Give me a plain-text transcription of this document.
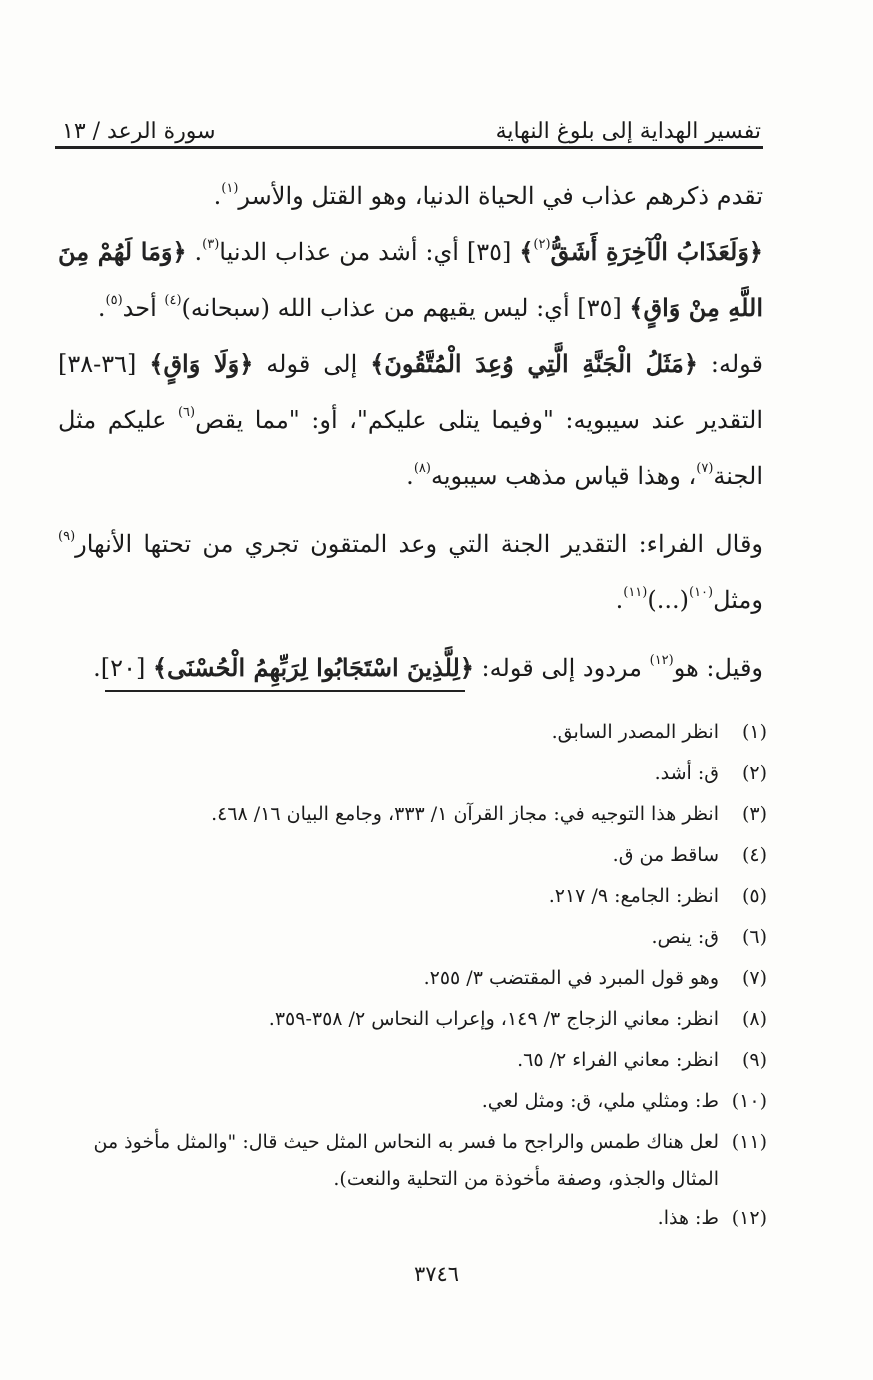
تفسير الهداية إلى بلوغ النهاية
سورة الرعد / ١٣

تقدم ذكرهم عذاب في الحياة الدنيا، وهو القتل والأسر$^{(١)}$.

﴿وَلَعَذَابُ الْآخِرَةِ أَشَقُّ$^{(٢)}$﴾ [٣٥] أي: أشد من عذاب الدنيا$^{(٣)}$. ﴿وَمَا لَهُمْ مِنَ اللَّهِ مِنْ وَاقٍ﴾ [٣٥] أي: ليس يقيهم من عذاب الله (سبحانه)$^{(٤)}$ أحد$^{(٥)}$.

قوله: ﴿مَثَلُ الْجَنَّةِ الَّتِي وُعِدَ الْمُتَّقُونَ﴾ إلى قوله ﴿وَلَا وَاقٍ﴾ [٣٦-٣٨] التقدير عند سيبويه: "وفيما يتلى عليكم"، أو: "مما يقص$^{(٦)}$ عليكم مثل الجنة$^{(٧)}$، وهذا قياس مذهب سيبويه$^{(٨)}$.

وقال الفراء: التقدير الجنة التي وعد المتقون تجري من تحتها الأنهار$^{(٩)}$ ومثل$^{(١٠)}$(...)$^{(١١)}$.

وقيل: هو$^{(١٢)}$ مردود إلى قوله: ﴿لِلَّذِينَ اسْتَجَابُوا لِرَبِّهِمُ الْحُسْنَى﴾ [٢٠].

(١)
انظر المصدر السابق.
(٢)
ق: أشد.
(٣)
انظر هذا التوجيه في: مجاز القرآن ١/ ٣٣٣، وجامع البيان ١٦/ ٤٦٨.
(٤)
ساقط من ق.
(٥)
انظر: الجامع: ٩/ ٢١٧.
(٦)
ق: ينص.
(٧)
وهو قول المبرد في المقتضب ٣/ ٢٥٥.
(٨)
انظر: معاني الزجاج ٣/ ١٤٩، وإعراب النحاس ٢/ ٣٥٨-٣٥٩.
(٩)
انظر: معاني الفراء ٢/ ٦٥.
(١٠)
ط: ومثلي ملي، ق: ومثل لعي.
(١١)
لعل هناك طمس والراجح ما فسر به النحاس المثل حيث قال: "والمثل مأخوذ من المثال والجذو، وصفة مأخوذة من التحلية والنعت).
(١٢)
ط: هذا.
٣٧٤٦
